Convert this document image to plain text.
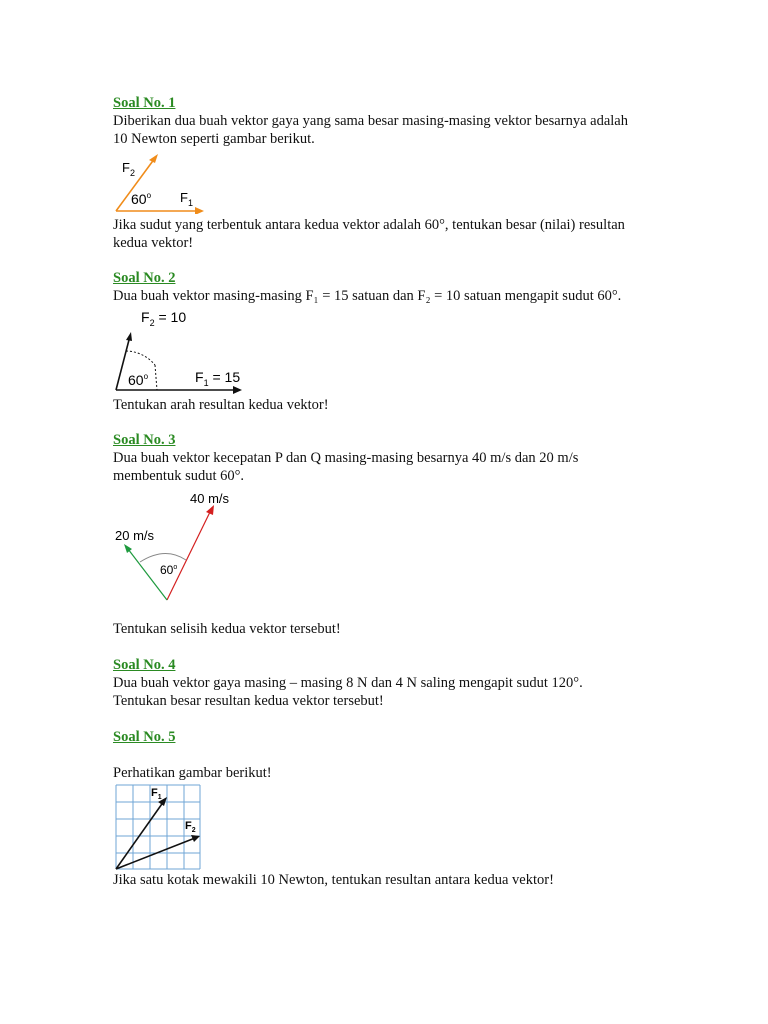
Soal No. 1

Diberikan dua buah vektor gaya yang sama besar masing-masing vektor besarnya adalah

10 Newton seperti gambar berikut.

$F_2$
$F_1$
60$^o$

Jika sudut yang terbentuk antara kedua vektor adalah 60°, tentukan besar (nilai) resultan

kedua vektor!

Soal No. 2

Dua buah vektor masing-masing F₁ = 15 satuan dan F₂ = 10 satuan mengapit sudut 60°.

$F_2 = 10$
$F_1 = 15$
60$^o$

Tentukan arah resultan kedua vektor!

Soal No. 3

Dua buah vektor kecepatan P dan Q masing-masing besarnya 40 m/s dan 20 m/s

membentuk sudut 60°.

40 m/s
20 m/s
60$^o$

Tentukan selisih kedua vektor tersebut!

Soal No. 4

Dua buah vektor gaya masing – masing 8 N dan 4 N saling mengapit sudut 120°.

Tentukan besar resultan kedua vektor tersebut!

Soal No. 5

Perhatikan gambar berikut!

$F_1$
$F_2$

Jika satu kotak mewakili 10 Newton, tentukan resultan antara kedua vektor!
